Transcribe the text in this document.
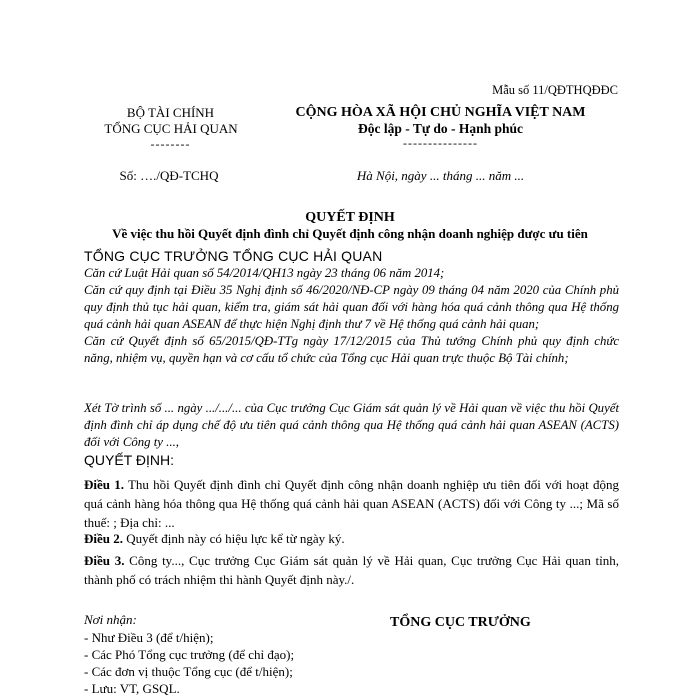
Mẫu số 11/QĐTHQĐĐC
BỘ TÀI CHÍNH
TỔNG CỤC HẢI QUAN
--------
CỘNG HÒA XÃ HỘI CHỦ NGHĨA VIỆT NAM
Độc lập - Tự do - Hạnh phúc
---------------
Số: …./QĐ-TCHQ	Hà Nội, ngày ... tháng ... năm ...
QUYẾT ĐỊNH
Về việc thu hồi Quyết định đình chỉ Quyết định công nhận doanh nghiệp được ưu tiên
TỔNG CỤC TRƯỞNG TỔNG CỤC HẢI QUAN

Căn cứ Luật Hải quan số 54/2014/QH13 ngày 23 tháng 06 năm 2014;

Căn cứ quy định tại Điều 35 Nghị định số 46/2020/NĐ-CP ngày 09 tháng 04 năm 2020 của Chính phủ quy định thủ tục hải quan, kiểm tra, giám sát hải quan đối với hàng hóa quá cảnh thông qua Hệ thống quá cảnh hải quan ASEAN để thực hiện Nghị định thư 7 về Hệ thống quá cảnh hải quan;

Căn cứ Quyết định số 65/2015/QĐ-TTg ngày 17/12/2015 của Thủ tướng Chính phủ quy định chức năng, nhiệm vụ, quyền hạn và cơ cấu tổ chức của Tổng cục Hải quan trực thuộc Bộ Tài chính;

Xét Tờ trình số ... ngày .../.../... của Cục trưởng Cục Giám sát quản lý về Hải quan về việc thu hồi Quyết định đình chỉ áp dụng chế độ ưu tiên quá cảnh thông qua Hệ thống quá cảnh hải quan ASEAN (ACTS) đối với Công ty ...,
QUYẾT ĐỊNH:

Điều 1. Thu hồi Quyết định đình chỉ Quyết định công nhận doanh nghiệp ưu tiên đối với hoạt động quá cảnh hàng hóa thông qua Hệ thống quá cảnh hải quan ASEAN (ACTS) đối với Công ty ...; Mã số thuế: ; Địa chỉ: ...

Điều 2. Quyết định này có hiệu lực kể từ ngày ký.

Điều 3. Công ty..., Cục trưởng Cục Giám sát quản lý về Hải quan, Cục trưởng Cục Hải quan tỉnh, thành phố có trách nhiệm thi hành Quyết định này./.

Nơi nhận:
- Như Điều 3 (để t/hiện);
- Các Phó Tổng cục trưởng (để chỉ đạo);
- Các đơn vị thuộc Tổng cục (để t/hiện);
- Lưu: VT, GSQL.
TỔNG CỤC TRƯỞNG
